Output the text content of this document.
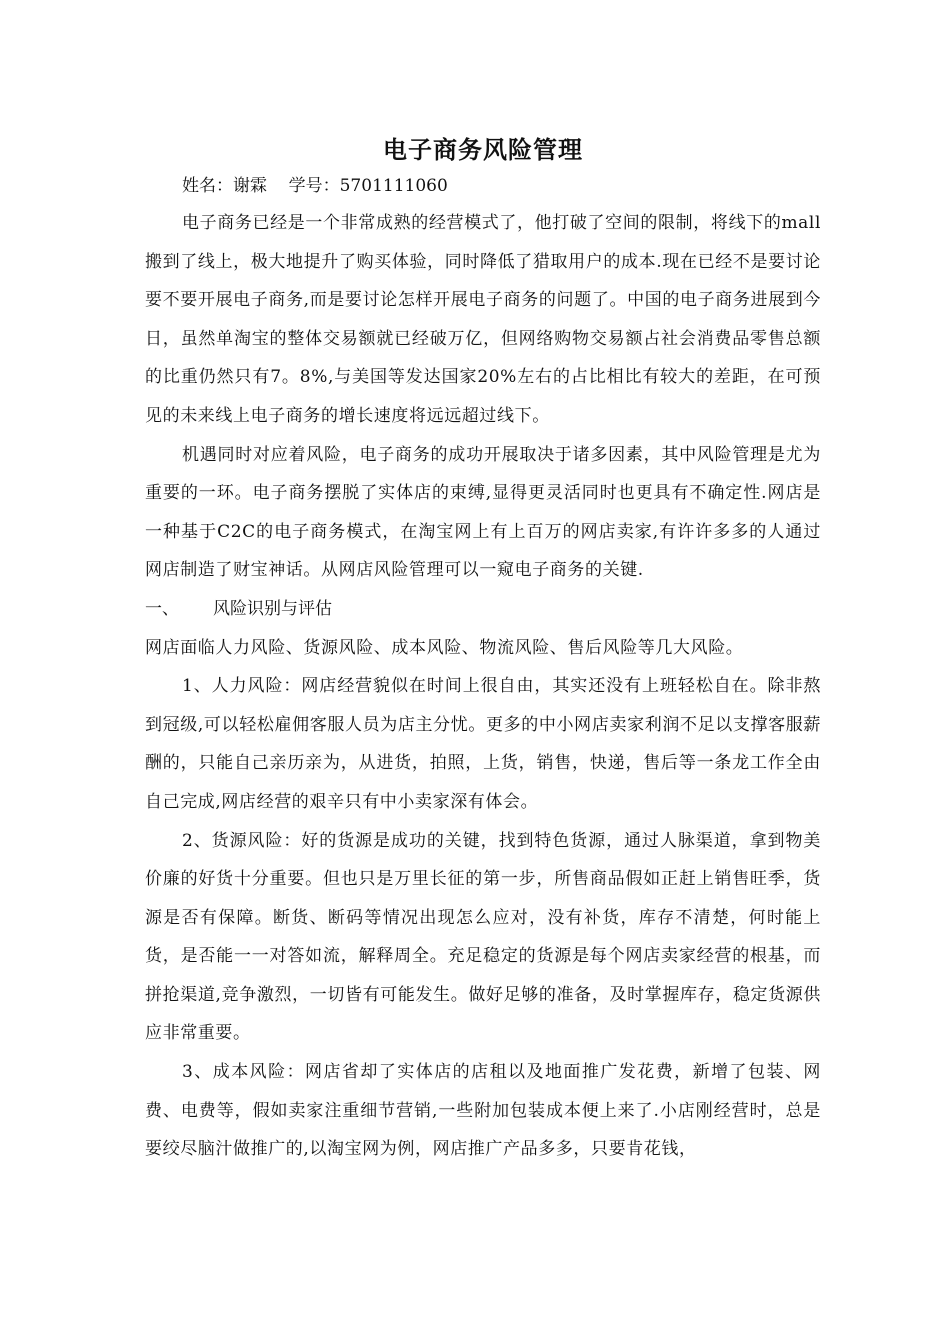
电子商务风险管理
姓名：谢霖    学号：5701111060

电子商务已经是一个非常成熟的经营模式了，他打破了空间的限制，将线下的mall搬到了线上，极大地提升了购买体验，同时降低了猎取用户的成本.现在已经不是要讨论要不要开展电子商务,而是要讨论怎样开展电子商务的问题了。中国的电子商务进展到今日，虽然单淘宝的整体交易额就已经破万亿，但网络购物交易额占社会消费品零售总额的比重仍然只有7。8%,与美国等发达国家20%左右的占比相比有较大的差距，在可预见的未来线上电子商务的增长速度将远远超过线下。

机遇同时对应着风险，电子商务的成功开展取决于诸多因素，其中风险管理是尤为重要的一环。电子商务摆脱了实体店的束缚,显得更灵活同时也更具有不确定性.网店是一种基于C2C的电子商务模式，在淘宝网上有上百万的网店卖家,有许许多多的人通过网店制造了财宝神话。从网店风险管理可以一窥电子商务的关键.

一、 风险识别与评估

网店面临人力风险、货源风险、成本风险、物流风险、售后风险等几大风险。

1、人力风险：网店经营貌似在时间上很自由，其实还没有上班轻松自在。除非熬到冠级,可以轻松雇佣客服人员为店主分忧。更多的中小网店卖家利润不足以支撑客服薪酬的，只能自己亲历亲为，从进货，拍照，上货，销售，快递，售后等一条龙工作全由自己完成,网店经营的艰辛只有中小卖家深有体会。

2、货源风险：好的货源是成功的关键，找到特色货源，通过人脉渠道，拿到物美价廉的好货十分重要。但也只是万里长征的第一步，所售商品假如正赶上销售旺季，货源是否有保障。断货、断码等情况出现怎么应对，没有补货，库存不清楚，何时能上货，是否能一一对答如流，解释周全。充足稳定的货源是每个网店卖家经营的根基，而拼抢渠道,竞争激烈，一切皆有可能发生。做好足够的准备，及时掌握库存，稳定货源供应非常重要。

3、成本风险：网店省却了实体店的店租以及地面推广发花费，新增了包装、网费、电费等，假如卖家注重细节营销,一些附加包装成本便上来了.小店刚经营时，总是要绞尽脑汁做推广的,以淘宝网为例，网店推广产品多多，只要肯花钱，
